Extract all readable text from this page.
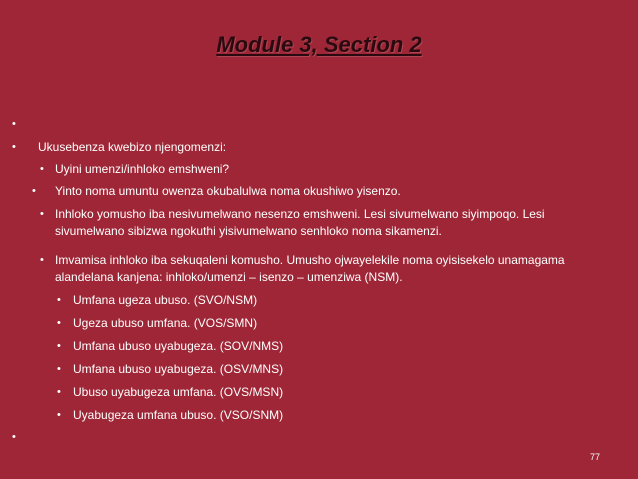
Module 3, Section 2
•
• Ukusebenza kwebizo njengomenzi:
• Uyini umenzi/inhloko emshweni?
• Yinto noma umuntu owenza okubalulwa noma okushiwo yisenzo.
• Inhloko yomusho iba nesivumelwano nesenzo emshweni. Lesi sivumelwano siyimpoqo. Lesi
sivumelwano sibizwa ngokuthi yisivumelwano senhloko noma sikamenzi.
• Imvamisa inhloko iba sekuqaleni komusho. Umusho ojwayelekile noma oyisisekelo unamagama
alandelana kanjena: inhloko/umenzi – isenzo – umenziwa (NSM).
• Umfana ugeza ubuso. (SVO/NSM)
• Ugeza ubuso umfana. (VOS/SMN)
• Umfana ubuso uyabugeza. (SOV/NMS)
• Umfana ubuso uyabugeza. (OSV/MNS)
• Ubuso uyabugeza umfana. (OVS/MSN)
• Uyabugeza umfana ubuso. (VSO/SNM)
•
77
